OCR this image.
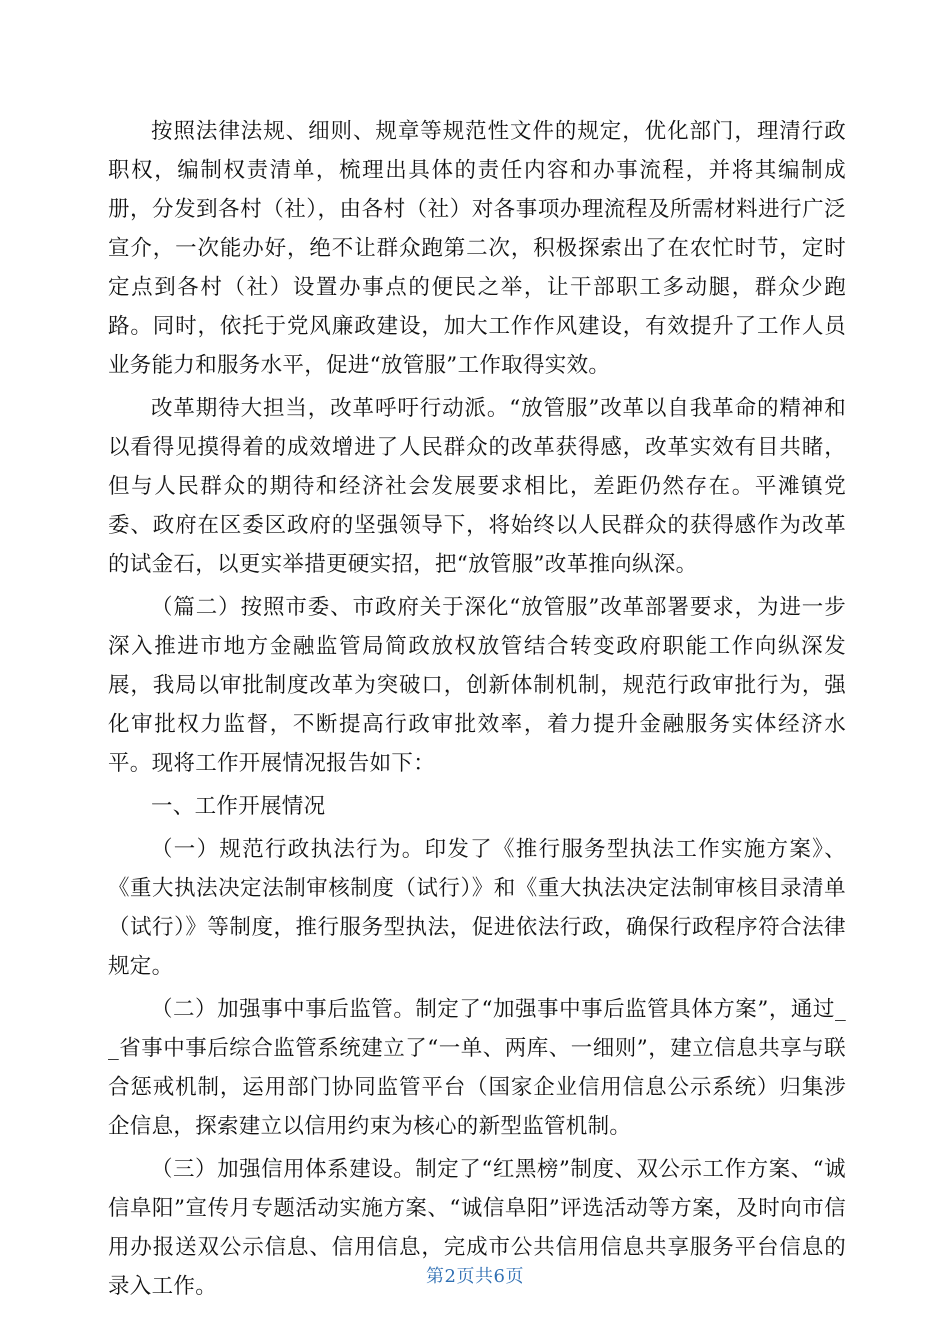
按照法律法规、细则、规章等规范性文件的规定，优化部门，理清行政职权，编制权责清单，梳理出具体的责任内容和办事流程，并将其编制成册，分发到各村（社），由各村（社）对各事项办理流程及所需材料进行广泛宣介，一次能办好，绝不让群众跑第二次，积极探索出了在农忙时节，定时定点到各村（社）设置办事点的便民之举，让干部职工多动腿，群众少跑路。同时，依托于党风廉政建设，加大工作作风建设，有效提升了工作人员业务能力和服务水平，促进“放管服”工作取得实效。

改革期待大担当，改革呼吁行动派。“放管服”改革以自我革命的精神和以看得见摸得着的成效增进了人民群众的改革获得感，改革实效有目共睹，但与人民群众的期待和经济社会发展要求相比，差距仍然存在。平滩镇党委、政府在区委区政府的坚强领导下，将始终以人民群众的获得感作为改革的试金石，以更实举措更硬实招，把“放管服”改革推向纵深。

（篇二）按照市委、市政府关于深化“放管服”改革部署要求，为进一步深入推进市地方金融监管局简政放权放管结合转变政府职能工作向纵深发展，我局以审批制度改革为突破口，创新体制机制，规范行政审批行为，强化审批权力监督，不断提高行政审批效率，着力提升金融服务实体经济水平。现将工作开展情况报告如下：

一、工作开展情况

（一）规范行政执法行为。印发了《推行服务型执法工作实施方案》、《重大执法决定法制审核制度（试行）》和《重大执法决定法制审核目录清单（试行）》等制度，推行服务型执法，促进依法行政，确保行政程序符合法律规定。

（二）加强事中事后监管。制定了“加强事中事后监管具体方案”，通过__省事中事后综合监管系统建立了“一单、两库、一细则”，建立信息共享与联合惩戒机制，运用部门协同监管平台（国家企业信用信息公示系统）归集涉企信息，探索建立以信用约束为核心的新型监管机制。

（三）加强信用体系建设。制定了“红黑榜”制度、双公示工作方案、“诚信阜阳”宣传月专题活动实施方案、“诚信阜阳”评选活动等方案，及时向市信用办报送双公示信息、信用信息，完成市公共信用信息共享服务平台信息的录入工作。	第2页共6页
